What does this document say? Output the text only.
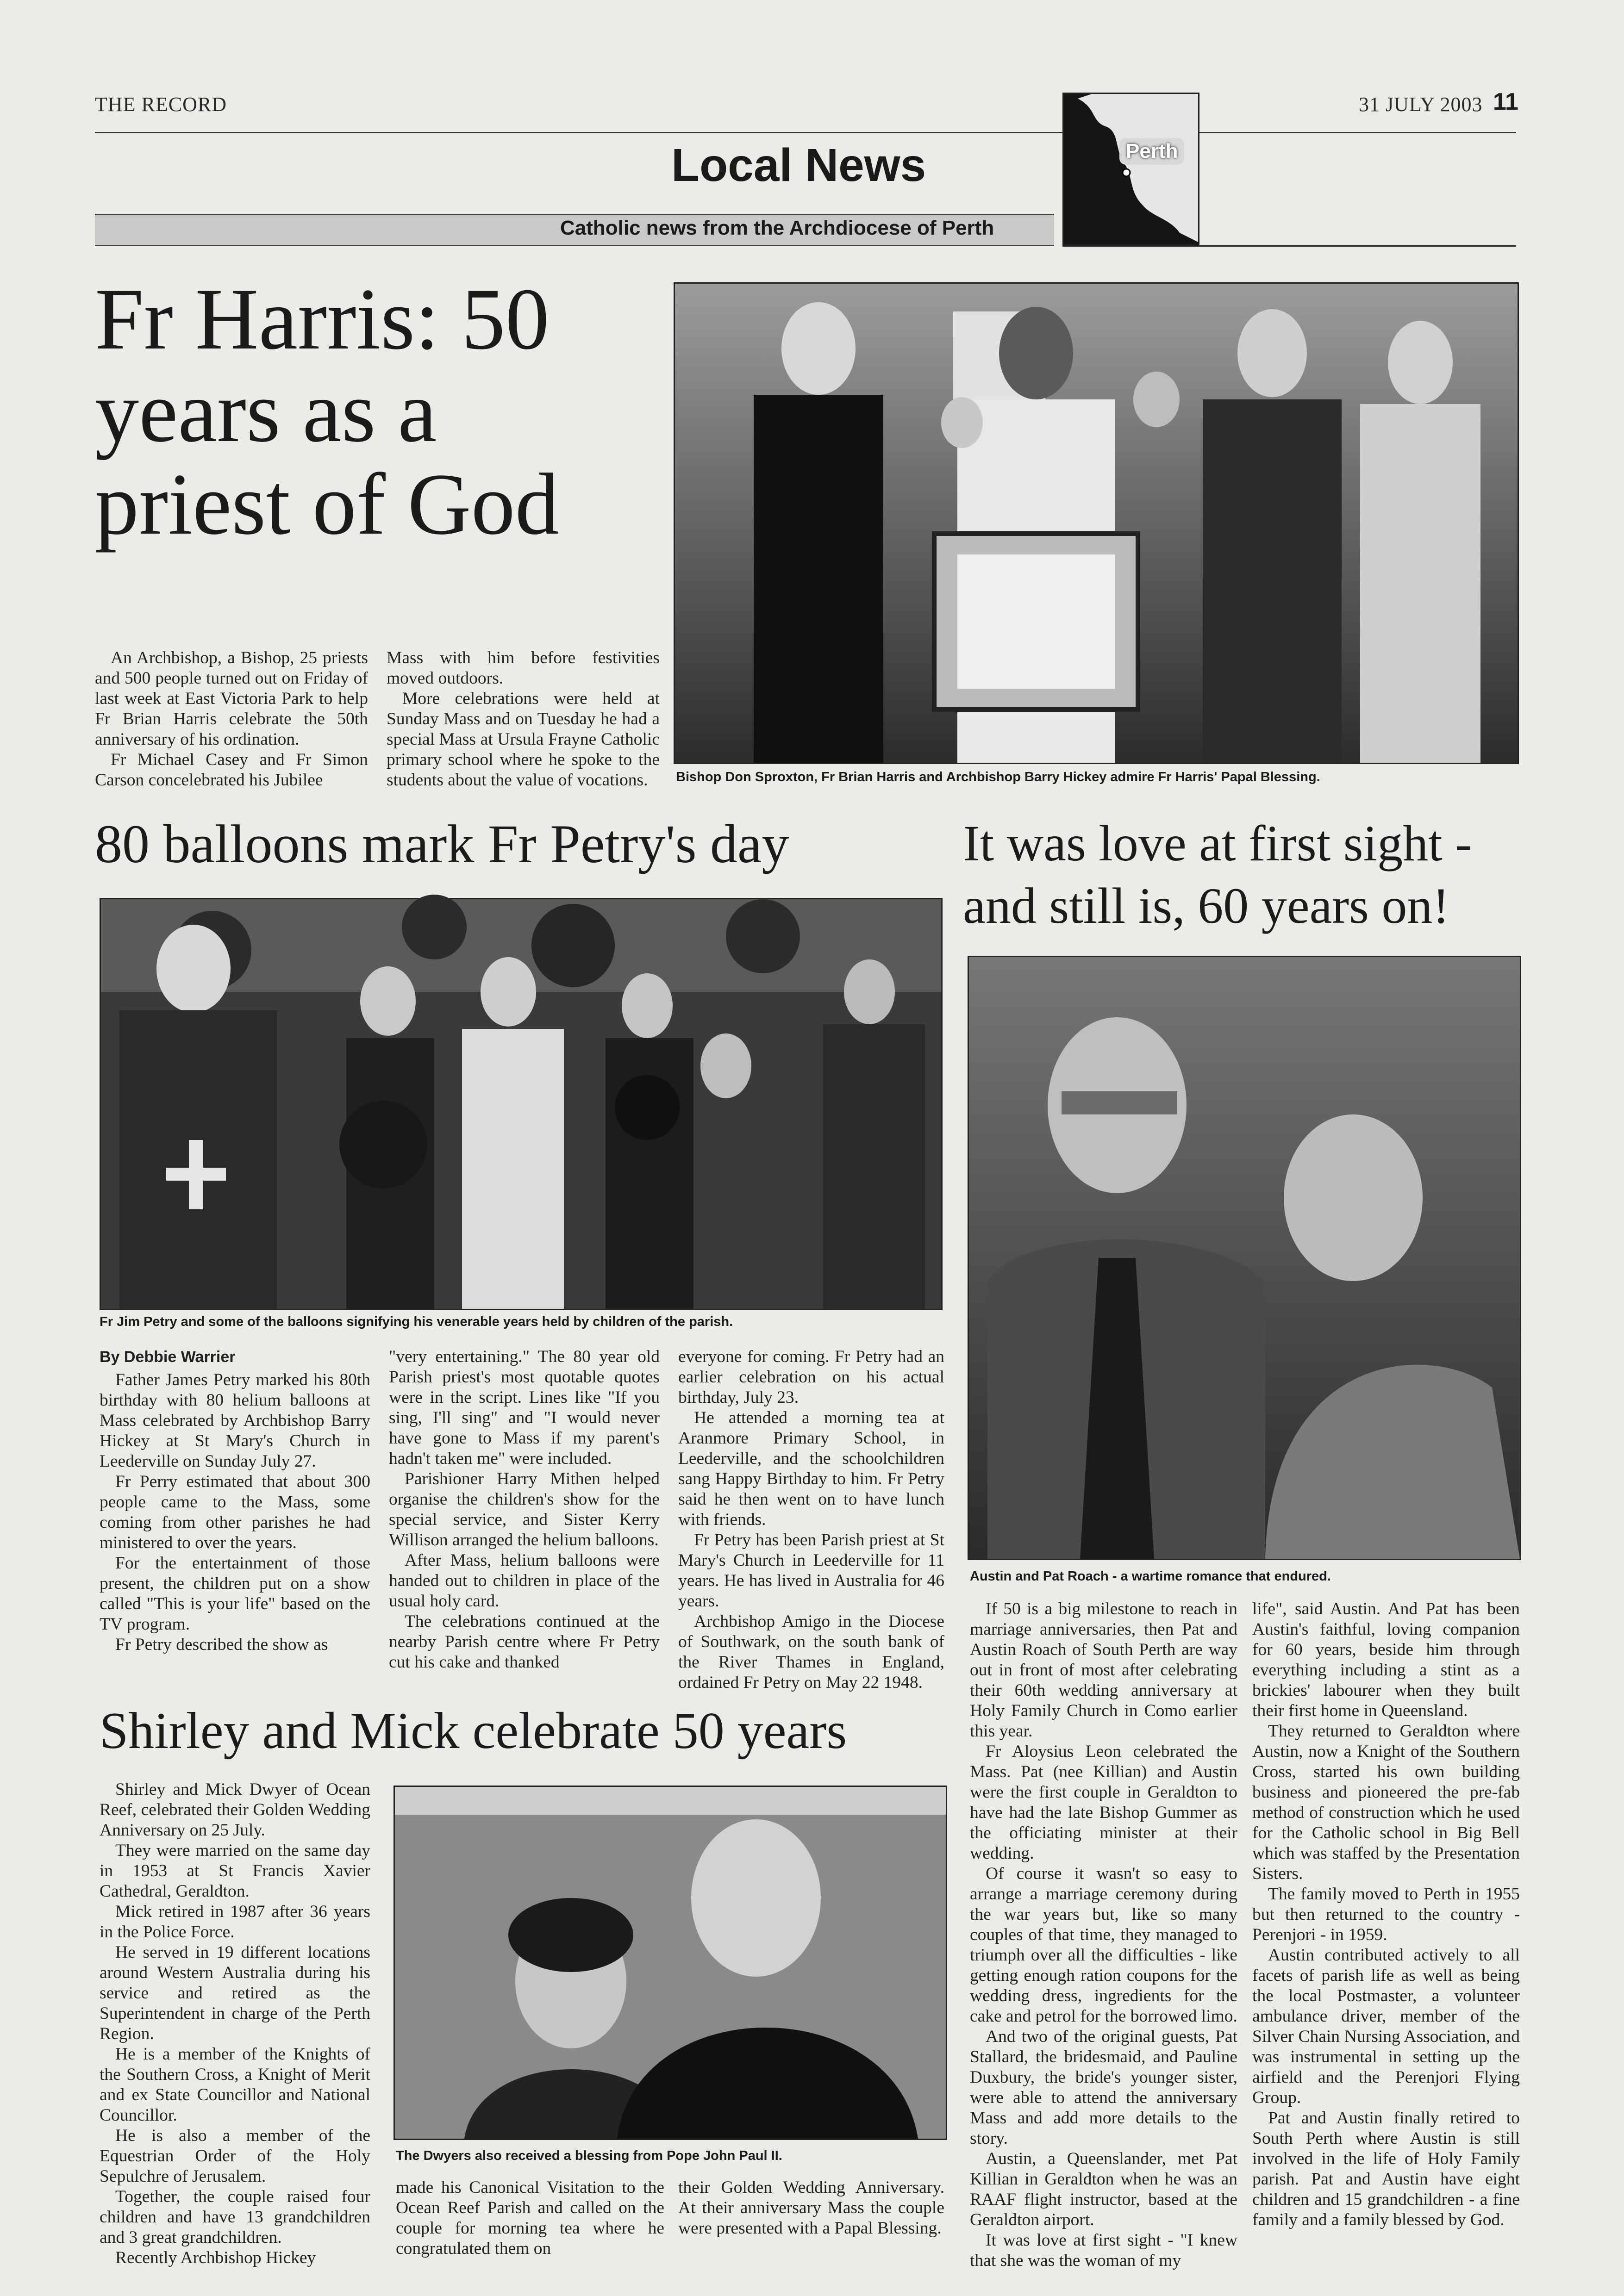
THE RECORD	31 JULY 2003 11
Local News
Catholic news from the Archdiocese of Perth
Perth
Fr Harris: 50
years as a
priest of God

An Archbishop, a Bishop, 25 priests and 500 people turned out on Friday of last week at East Victoria Park to help Fr Brian Harris celebrate the 50th anniversary of his ordination.

Fr Michael Casey and Fr Simon Carson concelebrated his Jubilee

Mass with him before festivities moved outdoors.

More celebrations were held at Sunday Mass and on Tuesday he had a special Mass at Ursula Frayne Catholic primary school where he spoke to the students about the value of vocations.	Bishop Don Sproxton, Fr Brian Harris and Archbishop Barry Hickey admire Fr Harris' Papal Blessing.
80 balloons mark Fr Petry's day
Fr Jim Petry and some of the balloons signifying his venerable years held by children of the parish.

By Debbie Warrier

Father James Petry marked his 80th birthday with 80 helium balloons at Mass celebrated by Archbishop Barry Hickey at St Mary's Church in Leederville on Sunday July 27.

Fr Perry estimated that about 300 people came to the Mass, some coming from other parishes he had ministered to over the years.

For the entertainment of those present, the children put on a show called "This is your life" based on the TV program.

Fr Petry described the show as

"very entertaining." The 80 year old Parish priest's most quotable quotes were in the script. Lines like "If you sing, I'll sing" and "I would never have gone to Mass if my parent's hadn't taken me" were included.

Parishioner Harry Mithen helped organise the children's show for the special service, and Sister Kerry Willison arranged the helium balloons.

After Mass, helium balloons were handed out to children in place of the usual holy card.

The celebrations continued at the nearby Parish centre where Fr Petry cut his cake and thanked

everyone for coming. Fr Petry had an earlier celebration on his actual birthday, July 23.

He attended a morning tea at Aranmore Primary School, in Leederville, and the schoolchildren sang Happy Birthday to him. Fr Petry said he then went on to have lunch with friends.

Fr Petry has been Parish priest at St Mary's Church in Leederville for 11 years. He has lived in Australia for 46 years.

Archbishop Amigo in the Diocese of Southwark, on the south bank of the River Thames in England, ordained Fr Petry on May 22 1948.

It was love at first sight -
and still is, 60 years on!
Austin and Pat Roach - a wartime romance that endured.

If 50 is a big milestone to reach in marriage anniversaries, then Pat and Austin Roach of South Perth are way out in front of most after celebrating their 60th wedding anniversary at Holy Family Church in Como earlier this year.

Fr Aloysius Leon celebrated the Mass. Pat (nee Killian) and Austin were the first couple in Geraldton to have had the late Bishop Gummer as the officiating minister at their wedding.

Of course it wasn't so easy to arrange a marriage ceremony during the war years but, like so many couples of that time, they managed to triumph over all the difficulties - like getting enough ration coupons for the wedding dress, ingredients for the cake and petrol for the borrowed limo.

And two of the original guests, Pat Stallard, the bridesmaid, and Pauline Duxbury, the bride's younger sister, were able to attend the anniversary Mass and add more details to the story.

Austin, a Queenslander, met Pat Killian in Geraldton when he was an RAAF flight instructor, based at the Geraldton airport.

It was love at first sight - "I knew that she was the woman of my

life", said Austin. And Pat has been Austin's faithful, loving companion for 60 years, beside him through everything including a stint as a brickies' labourer when they built their first home in Queensland.

They returned to Geraldton where Austin, now a Knight of the Southern Cross, started his own building business and pioneered the pre-fab method of construction which he used for the Catholic school in Big Bell which was staffed by the Presentation Sisters.

The family moved to Perth in 1955 but then returned to the country - Perenjori - in 1959.

Austin contributed actively to all facets of parish life as well as being the local Postmaster, a volunteer ambulance driver, member of the Silver Chain Nursing Association, and was instrumental in setting up the airfield and the Perenjori Flying Group.

Pat and Austin finally retired to South Perth where Austin is still involved in the life of Holy Family parish. Pat and Austin have eight children and 15 grandchildren - a fine family and a family blessed by God.

Shirley and Mick celebrate 50 years

Shirley and Mick Dwyer of Ocean Reef, celebrated their Golden Wedding Anniversary on 25 July.

They were married on the same day in 1953 at St Francis Xavier Cathedral, Geraldton.

Mick retired in 1987 after 36 years in the Police Force.

He served in 19 different locations around Western Australia during his service and retired as the Superintendent in charge of the Perth Region.

He is a member of the Knights of the Southern Cross, a Knight of Merit and ex State Councillor and National Councillor.

He is also a member of the Equestrian Order of the Holy Sepulchre of Jerusalem.

Together, the couple raised four children and have 13 grandchildren and 3 great grandchildren.

Recently Archbishop Hickey

The Dwyers also received a blessing from Pope John Paul II.

made his Canonical Visitation to the Ocean Reef Parish and called on the couple for morning tea where he congratulated them on

their Golden Wedding Anniversary. At their anniversary Mass the couple were presented with a Papal Blessing.
